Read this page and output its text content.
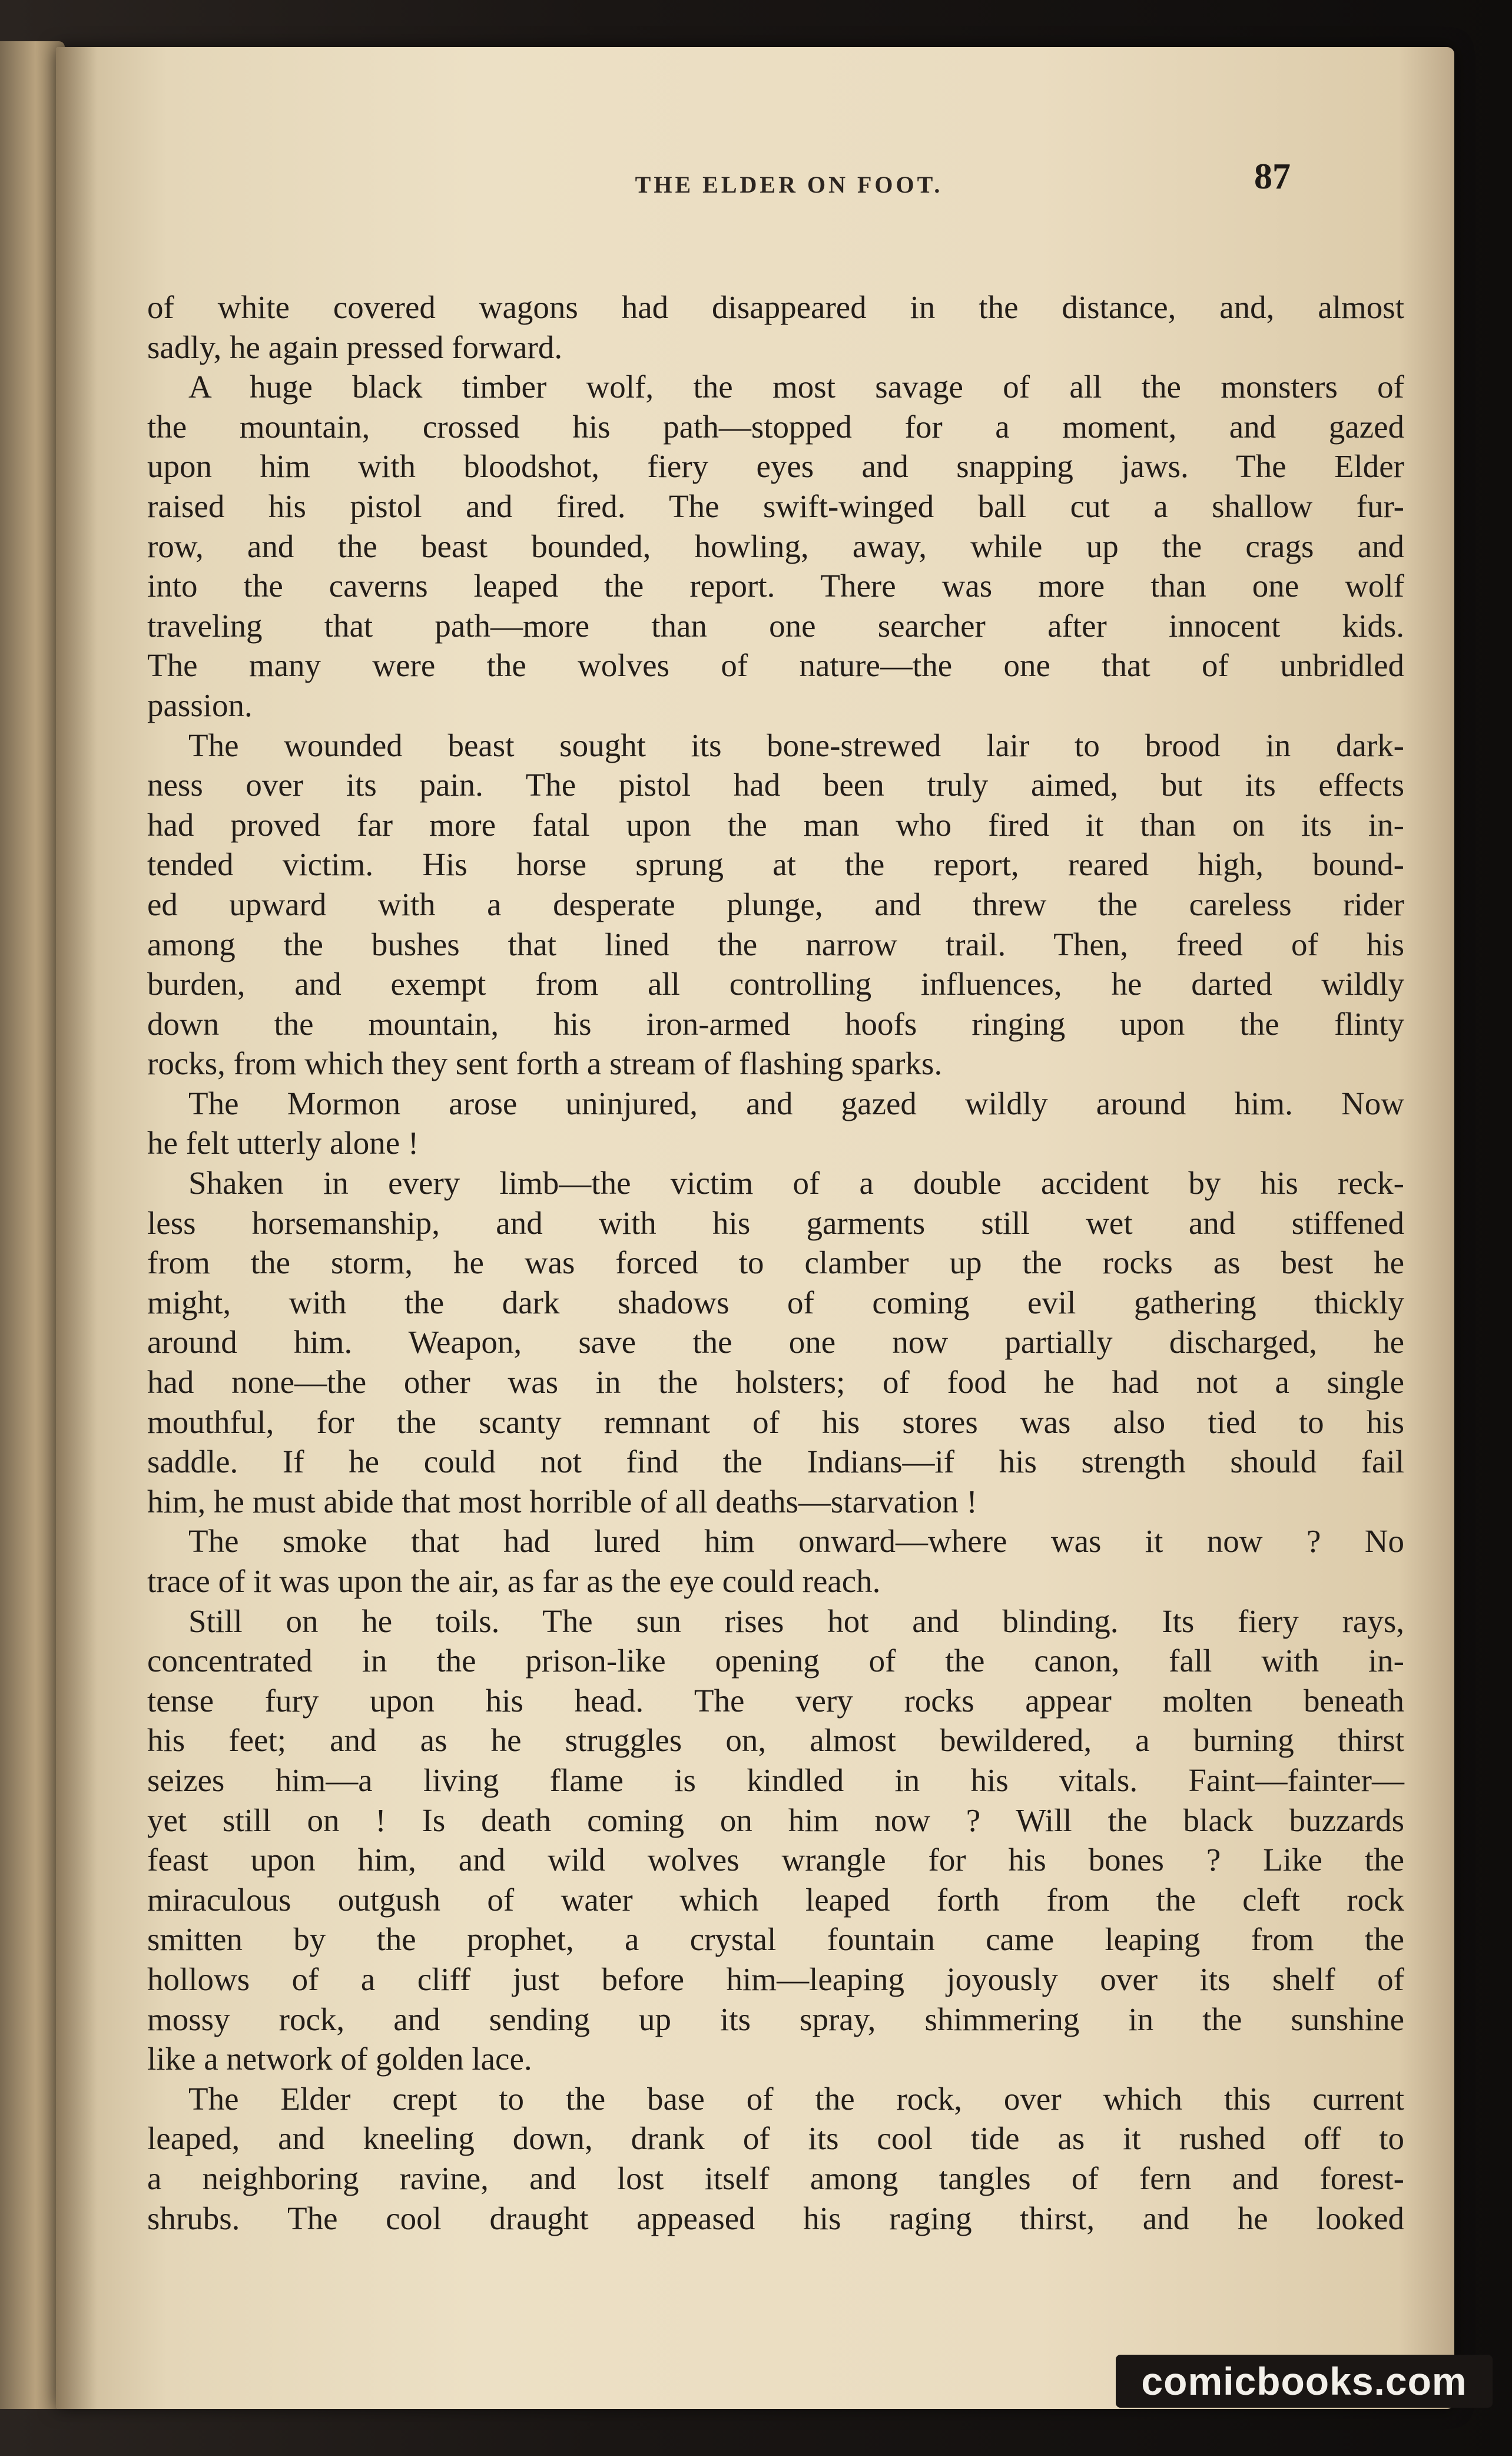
THE ELDER ON FOOT.	87

of white covered wagons had disappeared in the distance, and, almost
sadly, he again pressed forward.

A huge black timber wolf, the most savage of all the monsters of
the mountain, crossed his path—stopped for a moment, and gazed
upon him with bloodshot, fiery eyes and snapping jaws. The Elder
raised his pistol and fired. The swift-winged ball cut a shallow fur-
row, and the beast bounded, howling, away, while up the crags and
into the caverns leaped the report. There was more than one wolf
traveling that path—more than one searcher after innocent kids.
The many were the wolves of nature—the one that of unbridled
passion.

The wounded beast sought its bone-strewed lair to brood in dark-
ness over its pain. The pistol had been truly aimed, but its effects
had proved far more fatal upon the man who fired it than on its in-
tended victim. His horse sprung at the report, reared high, bound-
ed upward with a desperate plunge, and threw the careless rider
among the bushes that lined the narrow trail. Then, freed of his
burden, and exempt from all controlling influences, he darted wildly
down the mountain, his iron-armed hoofs ringing upon the flinty
rocks, from which they sent forth a stream of flashing sparks.

The Mormon arose uninjured, and gazed wildly around him. Now
he felt utterly alone !

Shaken in every limb—the victim of a double accident by his reck-
less horsemanship, and with his garments still wet and stiffened
from the storm, he was forced to clamber up the rocks as best he
might, with the dark shadows of coming evil gathering thickly
around him. Weapon, save the one now partially discharged, he
had none—the other was in the holsters; of food he had not a single
mouthful, for the scanty remnant of his stores was also tied to his
saddle. If he could not find the Indians—if his strength should fail
him, he must abide that most horrible of all deaths—starvation !

The smoke that had lured him onward—where was it now ? No
trace of it was upon the air, as far as the eye could reach.

Still on he toils. The sun rises hot and blinding. Its fiery rays,
concentrated in the prison-like opening of the canon, fall with in-
tense fury upon his head. The very rocks appear molten beneath
his feet; and as he struggles on, almost bewildered, a burning thirst
seizes him—a living flame is kindled in his vitals. Faint—fainter—
yet still on ! Is death coming on him now ? Will the black buzzards
feast upon him, and wild wolves wrangle for his bones ? Like the
miraculous outgush of water which leaped forth from the cleft rock
smitten by the prophet, a crystal fountain came leaping from the
hollows of a cliff just before him—leaping joyously over its shelf of
mossy rock, and sending up its spray, shimmering in the sunshine
like a network of golden lace.

The Elder crept to the base of the rock, over which this current
leaped, and kneeling down, drank of its cool tide as it rushed off to
a neighboring ravine, and lost itself among tangles of fern and forest-
shrubs. The cool draught appeased his raging thirst, and he looked

comicbooks.com
